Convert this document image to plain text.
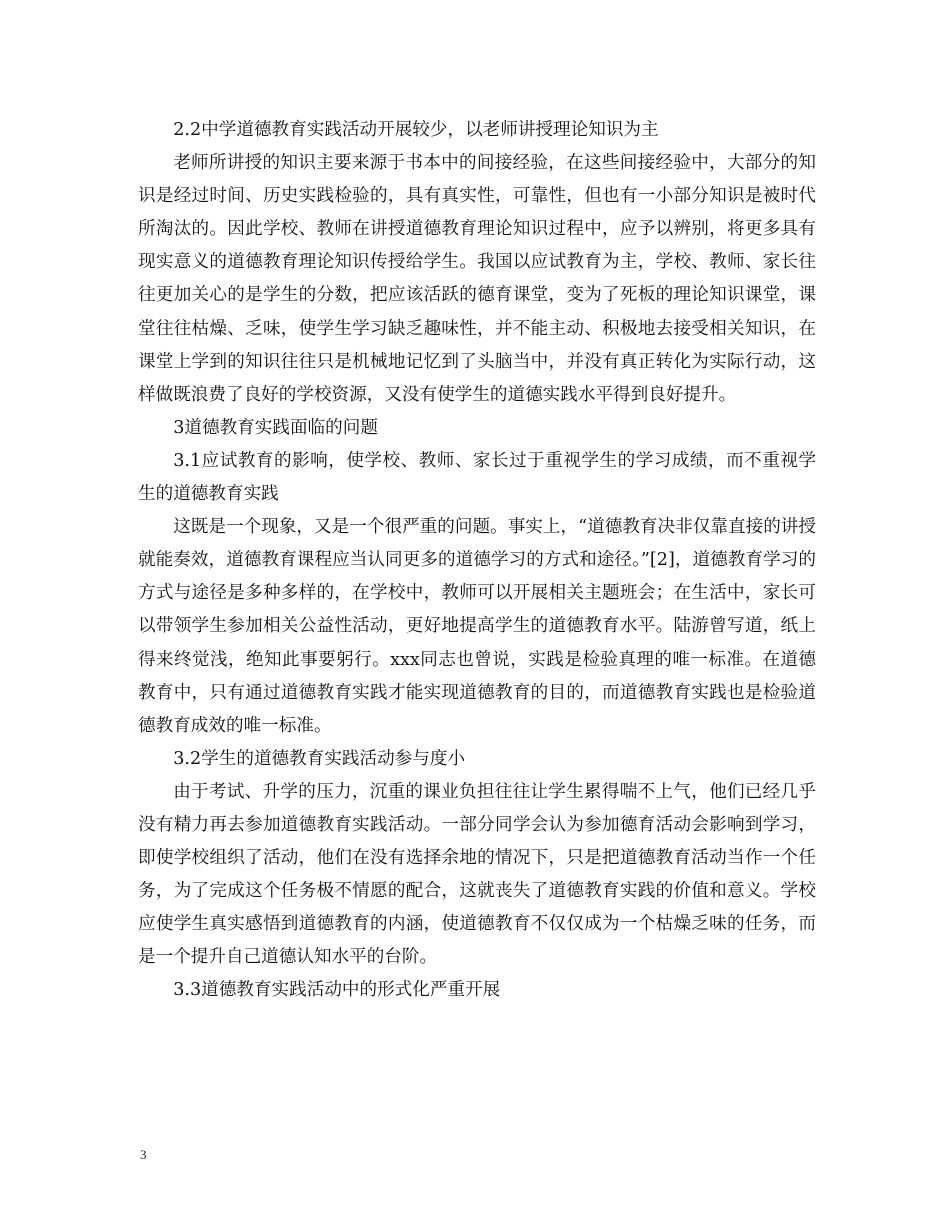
2.2中学道德教育实践活动开展较少，以老师讲授理论知识为主

老师所讲授的知识主要来源于书本中的间接经验，在这些间接经验中，大部分的知识是经过时间、历史实践检验的，具有真实性，可靠性，但也有一小部分知识是被时代所淘汰的。因此学校、教师在讲授道德教育理论知识过程中，应予以辨别，将更多具有现实意义的道德教育理论知识传授给学生。我国以应试教育为主，学校、教师、家长往往更加关心的是学生的分数，把应该活跃的德育课堂，变为了死板的理论知识课堂，课堂往往枯燥、乏味，使学生学习缺乏趣味性，并不能主动、积极地去接受相关知识，在课堂上学到的知识往往只是机械地记忆到了头脑当中，并没有真正转化为实际行动，这样做既浪费了良好的学校资源，又没有使学生的道德实践水平得到良好提升。

3道德教育实践面临的问题

3.1应试教育的影响，使学校、教师、家长过于重视学生的学习成绩，而不重视学生的道德教育实践

这既是一个现象，又是一个很严重的问题。事实上，“道德教育决非仅靠直接的讲授就能奏效，道德教育课程应当认同更多的道德学习的方式和途径。”[2]，道德教育学习的方式与途径是多种多样的，在学校中，教师可以开展相关主题班会；在生活中，家长可以带领学生参加相关公益性活动，更好地提高学生的道德教育水平。陆游曾写道，纸上得来终觉浅，绝知此事要躬行。xxx同志也曾说，实践是检验真理的唯一标准。在道德教育中，只有通过道德教育实践才能实现道德教育的目的，而道德教育实践也是检验道德教育成效的唯一标准。

3.2学生的道德教育实践活动参与度小

由于考试、升学的压力，沉重的课业负担往往让学生累得喘不上气，他们已经几乎没有精力再去参加道德教育实践活动。一部分同学会认为参加德育活动会影响到学习，即使学校组织了活动，他们在没有选择余地的情况下，只是把道德教育活动当作一个任务，为了完成这个任务极不情愿的配合，这就丧失了道德教育实践的价值和意义。学校应使学生真实感悟到道德教育的内涵，使道德教育不仅仅成为一个枯燥乏味的任务，而是一个提升自己道德认知水平的台阶。

3.3道德教育实践活动中的形式化严重开展

3
